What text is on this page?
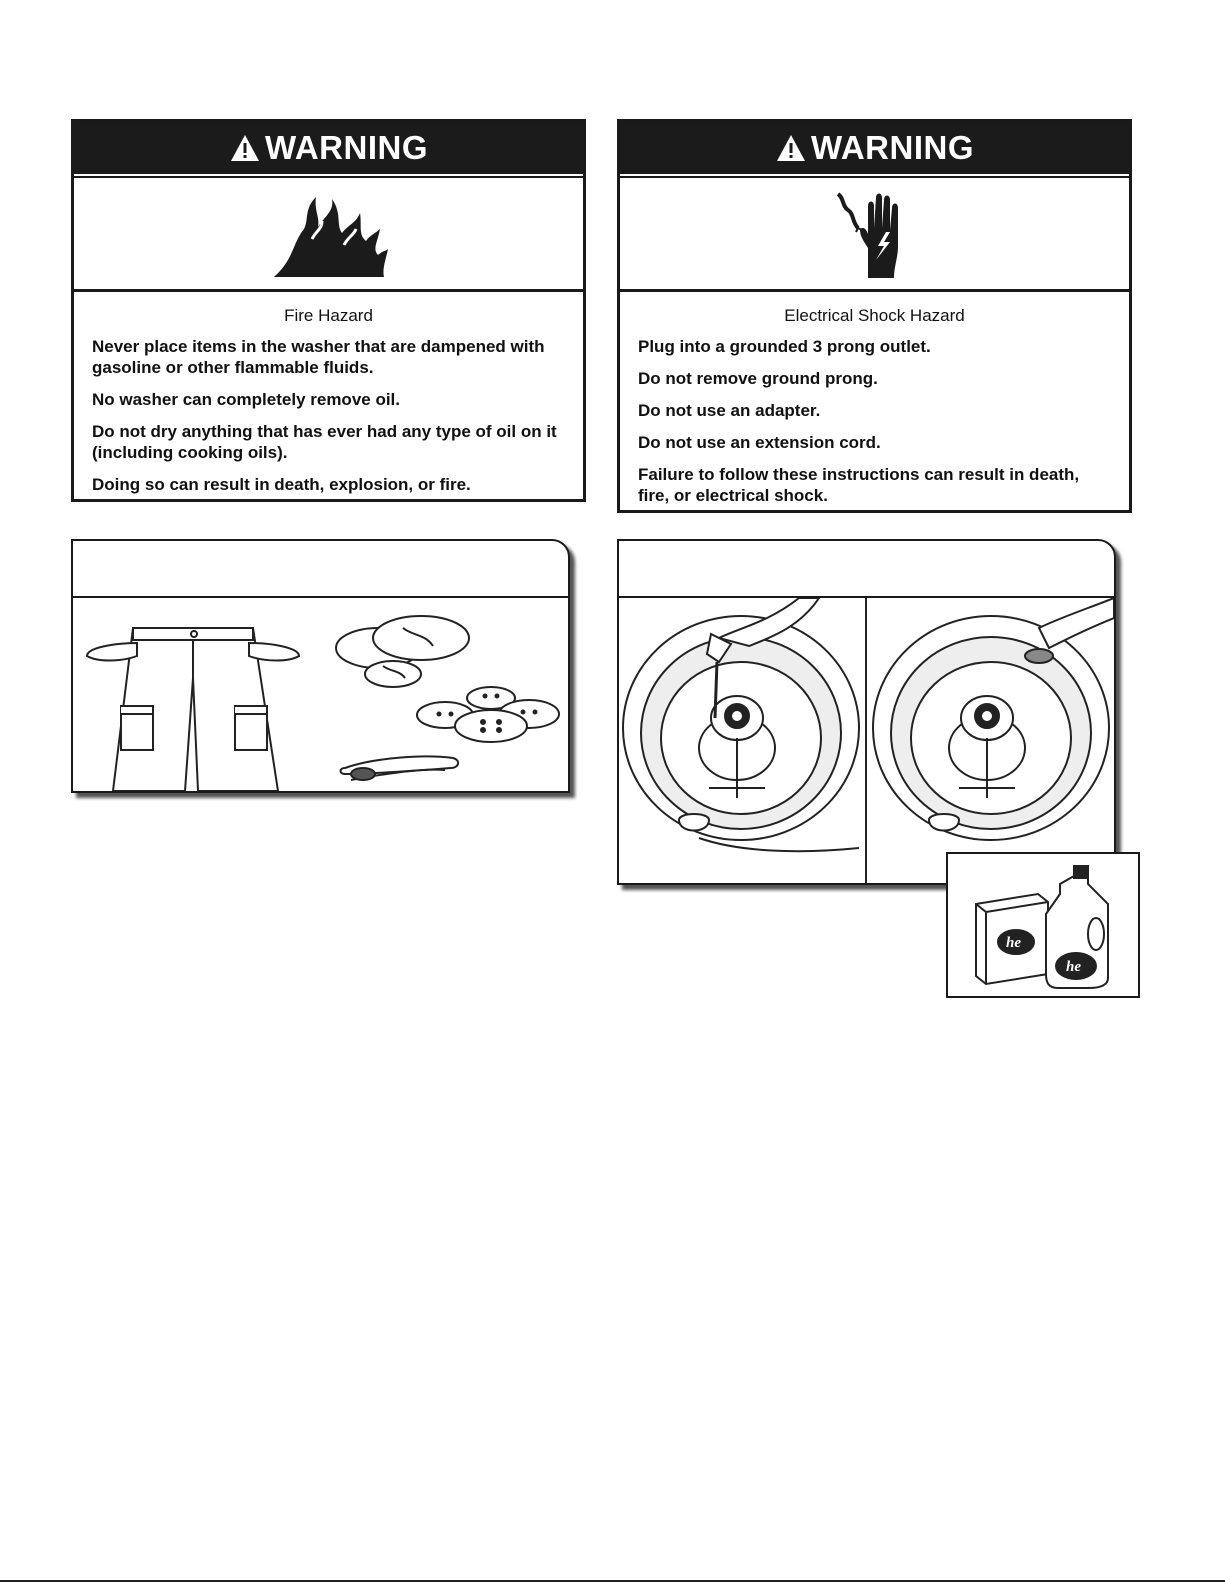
WARNING
Fire Hazard

Never place items in the washer that are dampened with gasoline or other flammable fluids.

No washer can completely remove oil.

Do not dry anything that has ever had any type of oil on it (including cooking oils).

Doing so can result in death, explosion, or fire.

WARNING
Electrical Shock Hazard

Plug into a grounded 3 prong outlet.

Do not remove ground prong.

Do not use an adapter.

Do not use an extension cord.

Failure to follow these instructions can result in death, fire, or electrical shock.

he
he
